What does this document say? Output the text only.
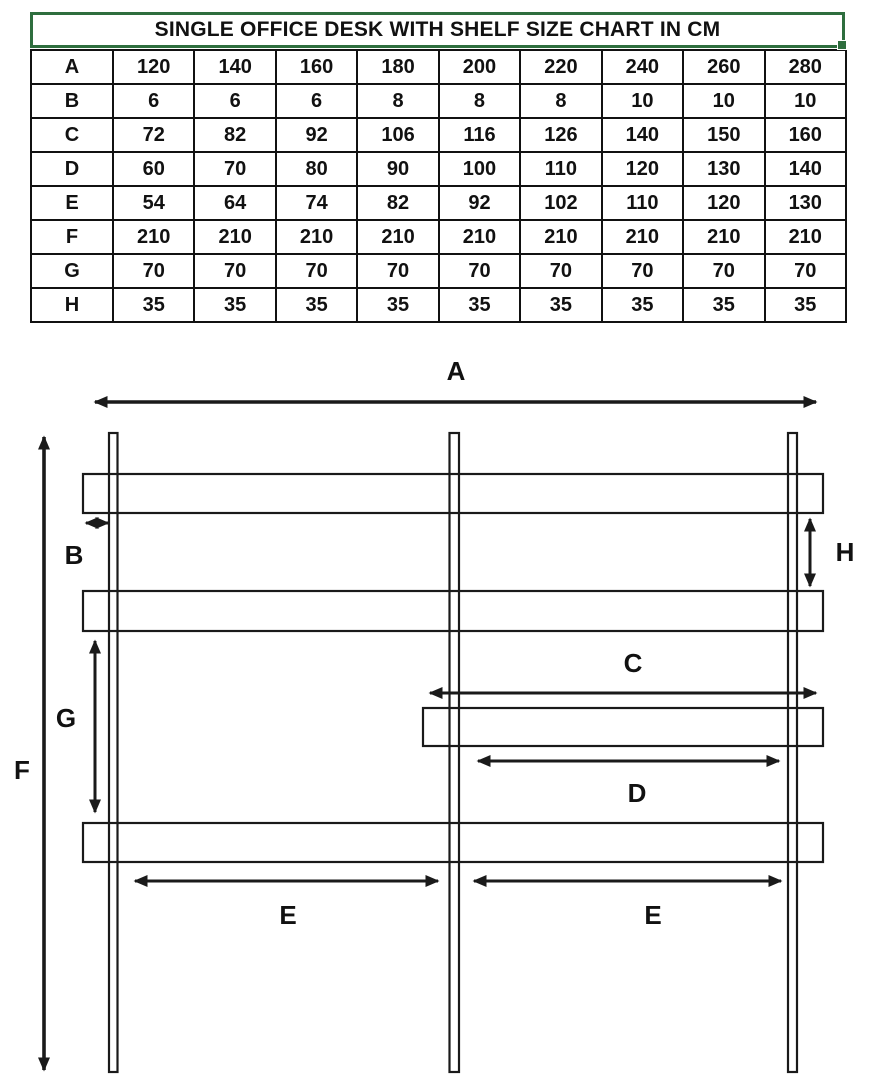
SINGLE OFFICE DESK WITH SHELF SIZE CHART IN CM
A	120	140	160	180	200	220	240	260	280
B	6	6	6	8	8	8	10	10	10
C	72	82	92	106	116	126	140	150	160
D	60	70	80	90	100	110	120	130	140
E	54	64	74	82	92	102	110	120	130
F	210	210	210	210	210	210	210	210	210
G	70	70	70	70	70	70	70	70	70
H	35	35	35	35	35	35	35	35	35
A
F
B	H
G
C
D
E	E
